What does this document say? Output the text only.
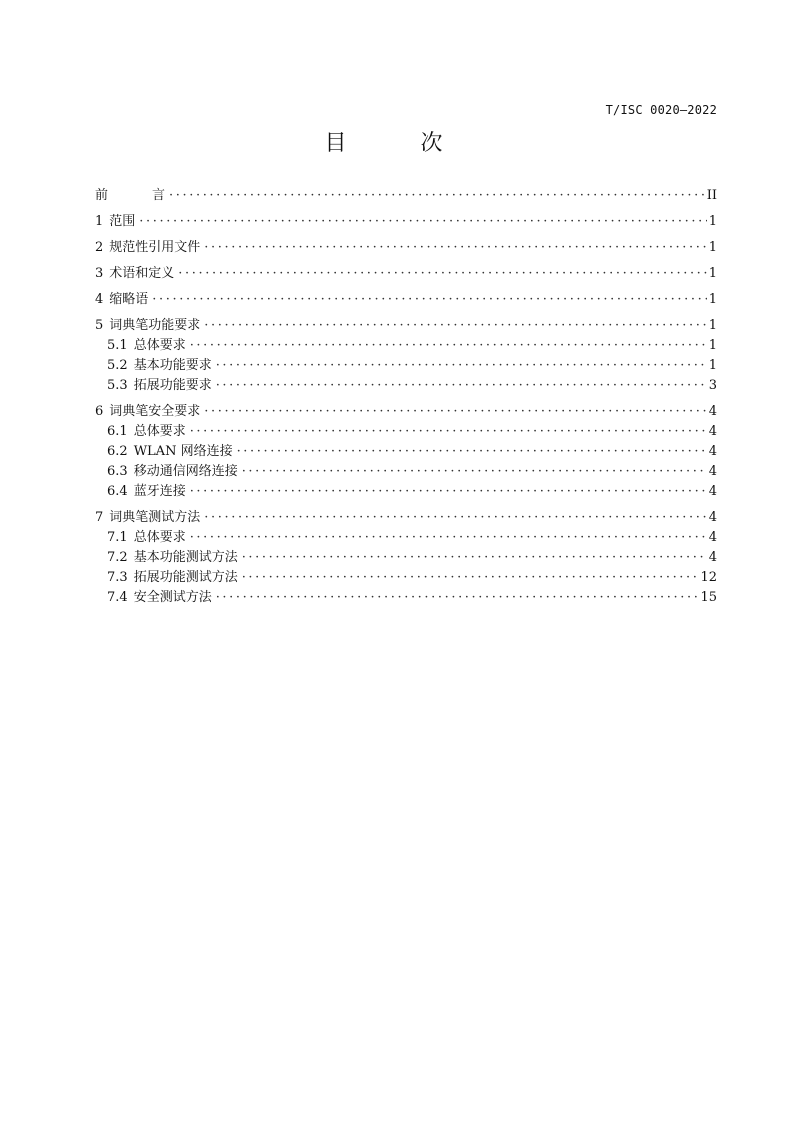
T/ISC 0020—2022
目　次
前	言 ·····	II
1 范围 ·····	1
2 规范性引用文件 ·····	1
3 术语和定义 ·····	1
4 缩略语 ·····	1
5 词典笔功能要求 ·····	1
5.1 总体要求 ·····	1
5.2 基本功能要求 ·····	1
5.3 拓展功能要求 ·····	3
6 词典笔安全要求 ·····	4
6.1 总体要求 ·····	4
6.2 WLAN 网络连接 ·····	4
6.3 移动通信网络连接 ·····	4
6.4 蓝牙连接 ·····	4
7 词典笔测试方法 ·····	4
7.1 总体要求 ·····	4
7.2 基本功能测试方法 ·····	4
7.3 拓展功能测试方法 ·····	12
7.4 安全测试方法 ·····	15
